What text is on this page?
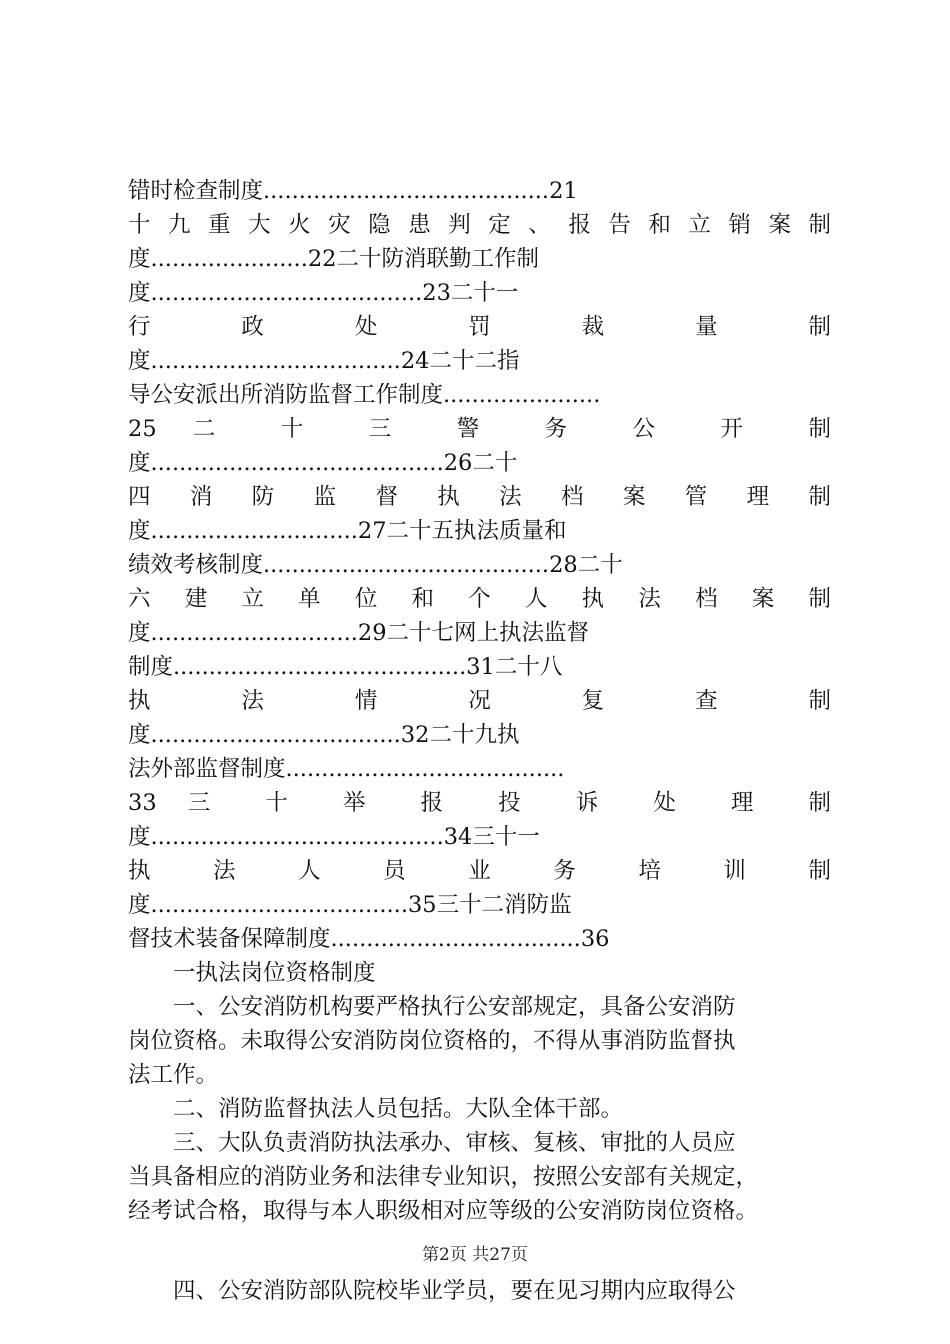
错时检查制度........................................21
十九重大火灾隐患判定、报告和立销案制
度......................22二十防消联勤工作制
度......................................23二十一
行 政 处 罚 裁 量 制
度...................................24二十二指
导公安派出所消防监督工作制度......................
25 二 十 三 警 务 公 开 制
度.........................................26二十
四 消 防 监 督 执 法 档 案 管 理 制
度.............................27二十五执法质量和
绩效考核制度........................................28二十
六 建 立 单 位 和 个 人 执 法 档 案 制
度.............................29二十七网上执法监督
制度.........................................31二十八
执 法 情 况 复 查 制
度...................................32二十九执
法外部监督制度.......................................
33 三 十 举 报 投 诉 处 理 制
度.........................................34三十一
执 法 人 员 业 务 培 训 制
度....................................35三十二消防监
督技术装备保障制度...................................36
一执法岗位资格制度
一、公安消防机构要严格执行公安部规定，具备公安消防
岗位资格。未取得公安消防岗位资格的，不得从事消防监督执
法工作。
二、消防监督执法人员包括。大队全体干部。
三、大队负责消防执法承办、审核、复核、审批的人员应
当具备相应的消防业务和法律专业知识，按照公安部有关规定，
经考试合格，取得与本人职级相对应等级的公安消防岗位资格。
四、公安消防部队院校毕业学员，要在见习期内应取得公
第2页 共27页
